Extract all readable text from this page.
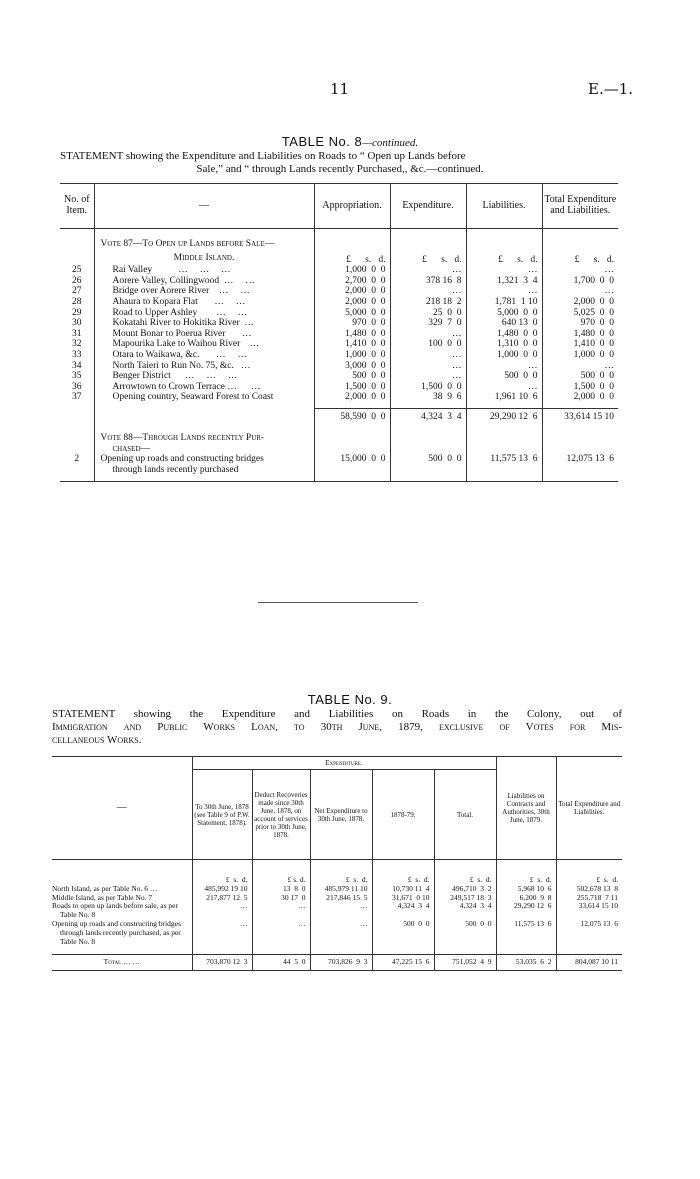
11	E.—1.
TABLE No. 8—continued.
STATEMENT showing the Expenditure and Liabilities on Roads to “ Open up Lands before
Sale,” and “ through Lands recently Purchased,, &c.—continued.
No. of Item.	—	Appropriation.	Expenditure.	Liabilities.	Total Expenditure and Liabilities.

	Vote 87—To Open up Lands before Sale—				
	Middle Island.	£ s. d.	£ s. d.	£ s. d.	£ s. d.
25	Rai Valley           …     …     …	1,000  0  0	…	…	…
26	Aorere Valley, Collingwood  …     …	2,700  0  0	378 16  8	1,321  3  4	1,700  0  0
27	Bridge over Aorere River    …     …	2,000  0  0	…	…	…
28	Ahaura to Kopara Flat       …     …	2,000  0  0	218 18  2	1,781  1 10	2,000  0  0
29	Road to Upper Ashley        …     …	5,000  0  0	25  0  0	5,000  0  0	5,025  0  0
30	Kokatahi River to Hokitika River  …	970  0  0	329  7  0	640 13  0	970  0  0
31	Mount Bonar to Poerua River       …	1,480  0  0	…	1,480  0  0	1,480  0  0
32	Mapourika Lake to Waihou River    …	1,410  0  0	100  0  0	1,310  0  0	1,410  0  0
33	Otara to Waikawa, &c.       …     …	1,000  0  0	…	1,000  0  0	1,000  0  0
34	North Taieri to Run No. 75, &c.   …	3,000  0  0	…	…	…
35	Benger District      …     …     …	500  0  0	…	500  0  0	500  0  0
36	Arrowtown to Crown Terrace …      …	1,500  0  0	1,500  0  0	…	1,500  0  0
37	Opening country, Seaward Forest to Coast	2,000  0  0	38  9  6	1,961 10  6	2,000  0  0

		58,590  0  0	4,324  3  4	29,290 12  6	33,614 15 10

	Vote 88—Through Lands recently Pur-				
	chased—				
2	Opening up roads and constructing bridges	15,000  0  0	500  0  0	11,575 13  6	12,075 13  6
	through lands recently purchased				
TABLE No. 9.
STATEMENT showing the Expenditure and Liabilities on Roads in the Colony, out of
Immigration and Public Works Loan, to 30th June, 1879, exclusive of Votes for Mis-
cellaneous Works.
—	Expenditure.					Liabilities on Contracts and Authorities, 30th June, 1879.	Total Expenditure and Liabilities.
	To 30th June, 1878 (see Table 9 of P.W. Statement, 1878).	Deduct Recoveries made since 30th June, 1878, on account of services prior to 30th June, 1878.	Net Expenditure to 30th June, 1878.	1878-79.	Total.		

	£  s.  d.	£ s. d.	£  s.  d.	£  s.  d.	£  s.  d.	£  s.  d.	£  s.  d.
North Island, as per Table No. 6 …	485,992 19 10	13  8  0	485,979 11 10	10,730 11  4	496,710  3  2	5,968 10  6	502,678 13  8
Middle Island, as per Table No. 7	217,877 12  5	30 17  0	217,846 15  5	31,671  0 10	249,517 18  3	6,200  9  8	255,718  7 11
Roads to open up lands before sale, as per Table No. 8	…	…	…	4,324  3  4	4,324  3  4	29,290 12  6	33,614 15 10
Opening up roads and constructing bridges through lands recently purchased, as per Table No. 8	…	…	…	500  0  0	500  0  0	11,575 13  6	12,075 13  6

Total … …	703,870 12  3	44  5  0	703,826  9  3	47,225 15  6	751,052  4  9	53,035  6  2	804,087 10 11
